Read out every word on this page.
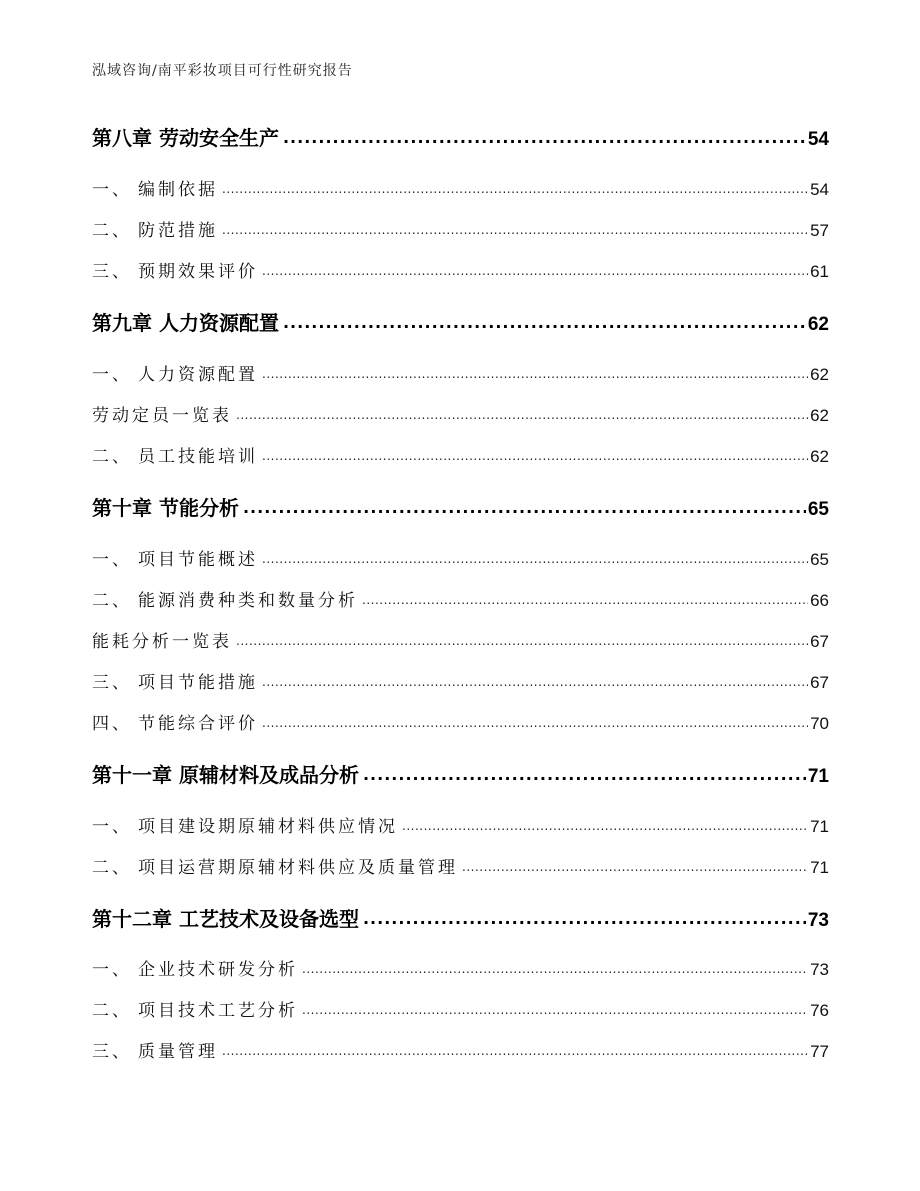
泓域咨询/南平彩妆项目可行性研究报告
第八章 劳动安全生产 .....	54
一、 编制依据 .....	54
二、 防范措施 .....	57
三、 预期效果评价 .....	61
第九章 人力资源配置 .....	62
一、 人力资源配置 .....	62
劳动定员一览表 .....	62
二、 员工技能培训 .....	62
第十章 节能分析 .....	65
一、 项目节能概述 .....	65
二、 能源消费种类和数量分析 .....	66
能耗分析一览表 .....	67
三、 项目节能措施 .....	67
四、 节能综合评价 .....	70
第十一章 原辅材料及成品分析 .....	71
一、 项目建设期原辅材料供应情况 .....	71
二、 项目运营期原辅材料供应及质量管理 .....	71
第十二章 工艺技术及设备选型 .....	73
一、 企业技术研发分析 .....	73
二、 项目技术工艺分析 .....	76
三、 质量管理 .....	77
